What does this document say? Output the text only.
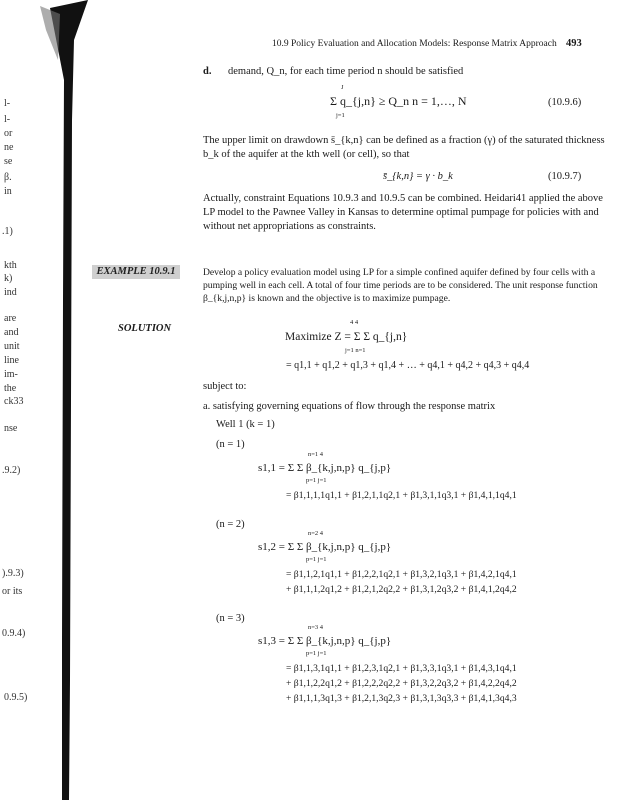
l-
l-
or
ne
se
β.
in
.1)
kth
k)
ind
are
and
unit
line
im-
the
ck33
nse
.9.2)
).9.3)
or its
0.9.4)
0.9.5)
10.9 Policy Evaluation and Allocation Models: Response Matrix Approach 493
d. demand, Q_n, for each time period n should be satisfied
J
Σ q_{j,n} ≥ Q_n n = 1,…, N
j=1
(10.9.6)
The upper limit on drawdown s̄_{k,n} can be defined as a fraction (γ) of the saturated thickness
b_k of the aquifer at the kth well (or cell), so that
s̄_{k,n} = γ · b_k	(10.9.7)
Actually, constraint Equations 10.9.3 and 10.9.5 can be combined. Heidari41 applied the above
LP model to the Pawnee Valley in Kansas to determine optimal pumpage for policies with and
without net appropriations as constraints.
EXAMPLE 10.9.1	Develop a policy evaluation model using LP for a simple confined aquifer defined by four cells with a
pumping well in each cell. A total of four time periods are to be considered. The unit response function
β_{k,j,n,p} is known and the objective is to maximize pumpage.
SOLUTION
4 4
Maximize Z = Σ Σ q_{j,n}
j=1 n=1
= q1,1 + q1,2 + q1,3 + q1,4 + … + q4,1 + q4,2 + q4,3 + q4,4
subject to:
a. satisfying governing equations of flow through the response matrix
Well 1 (k = 1)
(n = 1)
n=1 4
s1,1 = Σ Σ β_{k,j,n,p} q_{j,p}
p=1 j=1
= β1,1,1,1q1,1 + β1,2,1,1q2,1 + β1,3,1,1q3,1 + β1,4,1,1q4,1
(n = 2)
n=2 4
s1,2 = Σ Σ β_{k,j,n,p} q_{j,p}
p=1 j=1
= β1,1,2,1q1,1 + β1,2,2,1q2,1 + β1,3,2,1q3,1 + β1,4,2,1q4,1
+ β1,1,1,2q1,2 + β1,2,1,2q2,2 + β1,3,1,2q3,2 + β1,4,1,2q4,2
(n = 3)
n=3 4
s1,3 = Σ Σ β_{k,j,n,p} q_{j,p}
p=1 j=1
= β1,1,3,1q1,1 + β1,2,3,1q2,1 + β1,3,3,1q3,1 + β1,4,3,1q4,1
+ β1,1,2,2q1,2 + β1,2,2,2q2,2 + β1,3,2,2q3,2 + β1,4,2,2q4,2
+ β1,1,1,3q1,3 + β1,2,1,3q2,3 + β1,3,1,3q3,3 + β1,4,1,3q4,3
